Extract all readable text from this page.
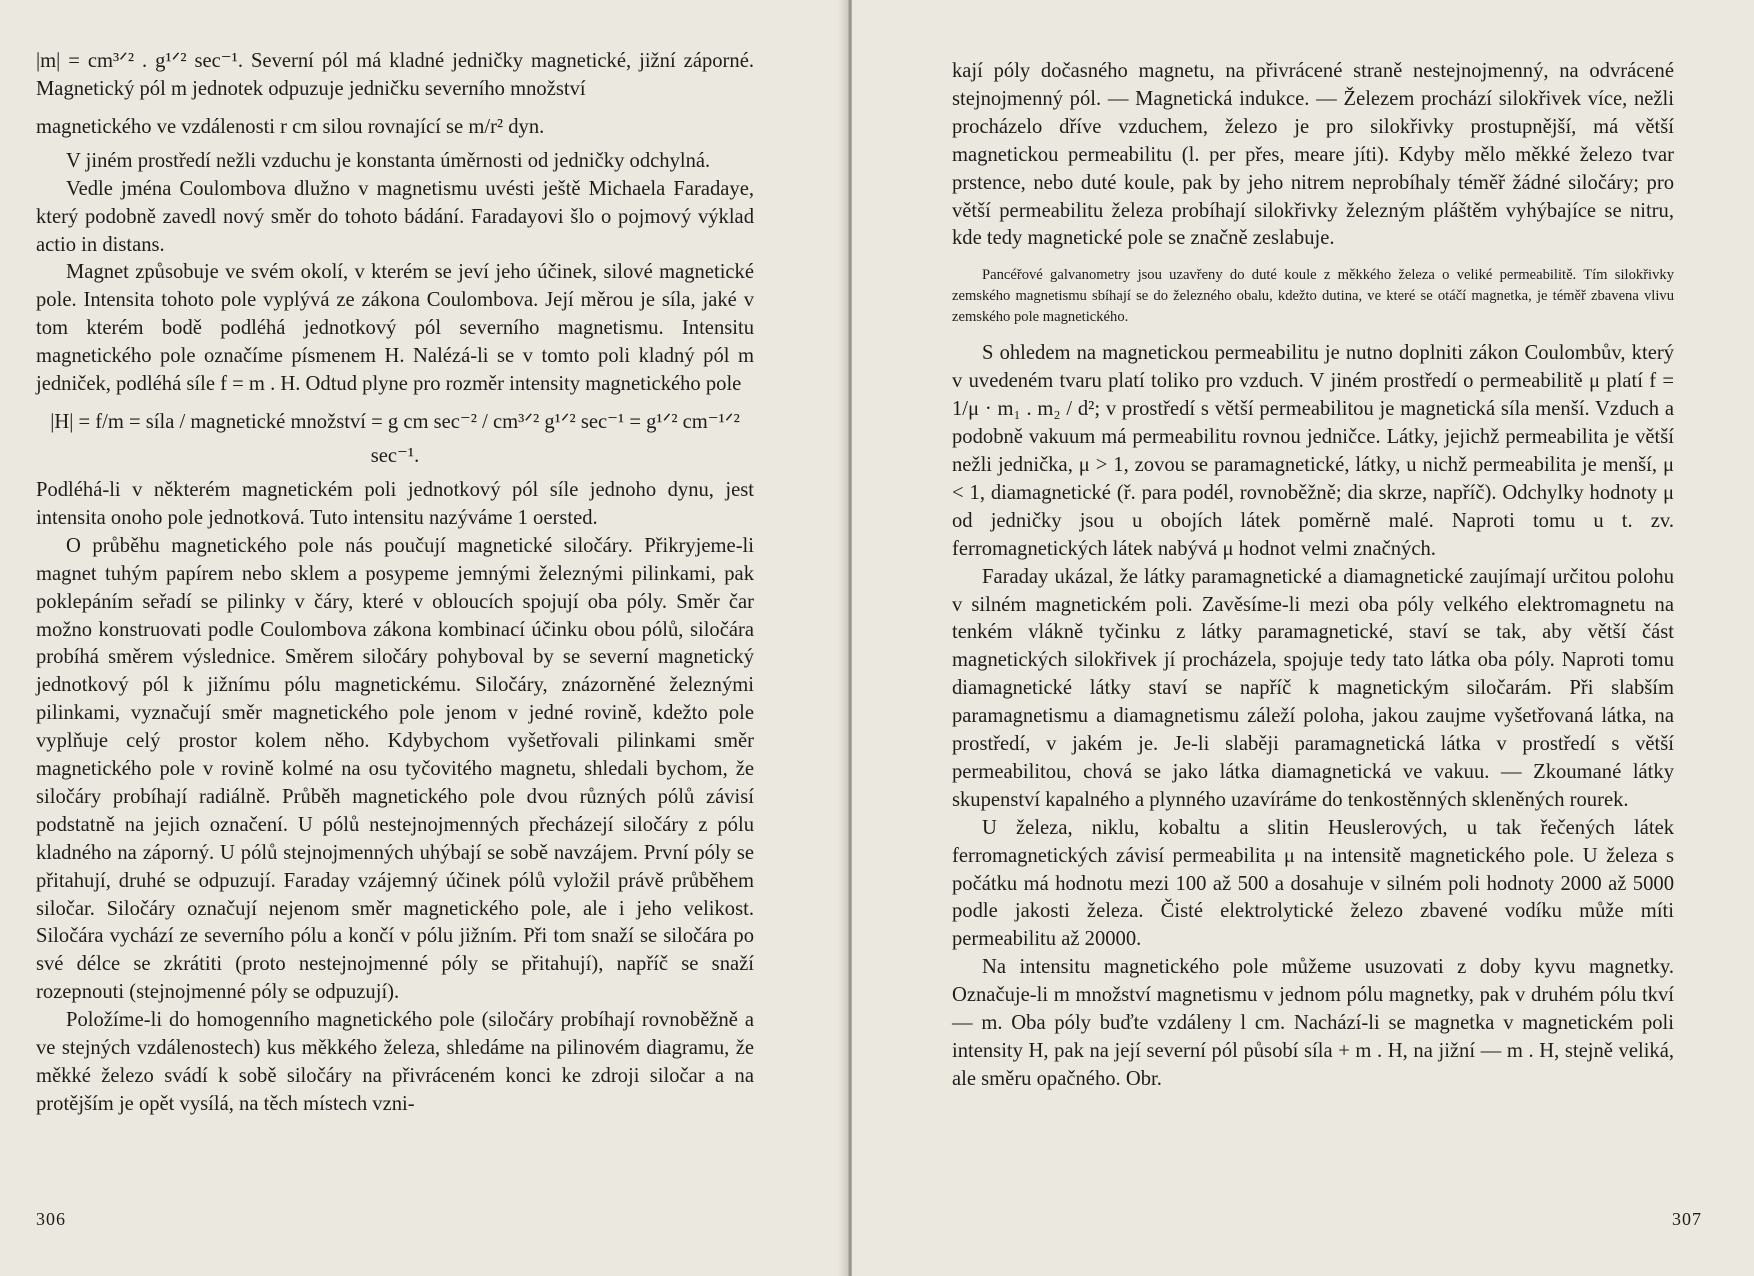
|m| = cm³ᐟ² . g¹ᐟ² sec⁻¹. Severní pól má kladné jedničky magnetické, jižní záporné. Magnetický pól m jednotek odpuzuje jedničku severního množství

magnetického ve vzdálenosti r cm silou rovnající se m/r² dyn.

V jiném prostředí nežli vzduchu je konstanta úměrnosti od jedničky odchylná.

Vedle jména Coulombova dlužno v magnetismu uvésti ještě Michaela Faradaye, který podobně zavedl nový směr do tohoto bádání. Faradayovi šlo o pojmový výklad actio in distans.

Magnet způsobuje ve svém okolí, v kterém se jeví jeho účinek, silové magnetické pole. Intensita tohoto pole vyplývá ze zákona Coulombova. Její měrou je síla, jaké v tom kterém bodě podléhá jednotkový pól severního magnetismu. Intensitu magnetického pole označíme písmenem H. Nalézá-li se v tomto poli kladný pól m jedniček, podléhá síle f = m . H. Odtud plyne pro rozměr intensity magnetického pole

|H| = f/m = síla / magnetické množství = g cm sec⁻² / cm³ᐟ² g¹ᐟ² sec⁻¹ = g¹ᐟ² cm⁻¹ᐟ² sec⁻¹.

Podléhá-li v některém magnetickém poli jednotkový pól síle jednoho dynu, jest intensita onoho pole jednotková. Tuto intensitu nazýváme 1 oersted.

O průběhu magnetického pole nás poučují magnetické siločáry. Přikryjeme-li magnet tuhým papírem nebo sklem a posypeme jemnými železnými pilinkami, pak poklepáním seřadí se pilinky v čáry, které v obloucích spojují oba póly. Směr čar možno konstruovati podle Coulombova zákona kombinací účinku obou pólů, siločára probíhá směrem výslednice. Směrem siločáry pohyboval by se severní magnetický jednotkový pól k jižnímu pólu magnetickému. Siločáry, znázorněné železnými pilinkami, vyznačují směr magnetického pole jenom v jedné rovině, kdežto pole vyplňuje celý prostor kolem něho. Kdybychom vyšetřovali pilinkami směr magnetického pole v rovině kolmé na osu tyčovitého magnetu, shledali bychom, že siločáry probíhají radiálně. Průběh magnetického pole dvou různých pólů závisí podstatně na jejich označení. U pólů nestejnojmenných přecházejí siločáry z pólu kladného na záporný. U pólů stejnojmenných uhýbají se sobě navzájem. První póly se přitahují, druhé se odpuzují. Faraday vzájemný účinek pólů vyložil právě průběhem siločar. Siločáry označují nejenom směr magnetického pole, ale i jeho velikost. Siločára vychází ze severního pólu a končí v pólu jižním. Při tom snaží se siločára po své délce se zkrátiti (proto nestejnojmenné póly se přitahují), napříč se snaží rozepnouti (stejnojmenné póly se odpuzují).

Položíme-li do homogenního magnetického pole (siločáry probíhají rovnoběžně a ve stejných vzdálenostech) kus měkkého železa, shledáme na pilinovém diagramu, že měkké železo svádí k sobě siločáry na přivráceném konci ke zdroji siločar a na protějším je opět vysílá, na těch místech vzni-

306

kají póly dočasného magnetu, na přivrácené straně nestejnojmenný, na odvrácené stejnojmenný pól. — Magnetická indukce. — Železem prochází silokřivek více, nežli procházelo dříve vzduchem, železo je pro silokřivky prostupnější, má větší magnetickou permeabilitu (l. per přes, meare jíti). Kdyby mělo měkké železo tvar prstence, nebo duté koule, pak by jeho nitrem neprobíhaly téměř žádné siločáry; pro větší permeabilitu železa probíhají silokřivky železným pláštěm vyhýbajíce se nitru, kde tedy magnetické pole se značně zeslabuje.

Pancéřové galvanometry jsou uzavřeny do duté koule z měkkého železa o veliké permeabilitě. Tím silokřivky zemského magnetismu sbíhají se do železného obalu, kdežto dutina, ve které se otáčí magnetka, je téměř zbavena vlivu zemského pole magnetického.

S ohledem na magnetickou permeabilitu je nutno doplniti zákon Coulombův, který v uvedeném tvaru platí toliko pro vzduch. V jiném prostředí o permeabilitě μ platí f = 1/μ · m₁ . m₂ / d²; v prostředí s větší permeabilitou je magnetická síla menší. Vzduch a podobně vakuum má permeabilitu rovnou jedničce. Látky, jejichž permeabilita je větší nežli jednička, μ > 1, zovou se paramagnetické, látky, u nichž permeabilita je menší, μ < 1, diamagnetické (ř. para podél, rovnoběžně; dia skrze, napříč). Odchylky hodnoty μ od jedničky jsou u obojích látek poměrně malé. Naproti tomu u t. zv. ferromagnetických látek nabývá μ hodnot velmi značných.

Faraday ukázal, že látky paramagnetické a diamagnetické zaujímají určitou polohu v silném magnetickém poli. Zavěsíme-li mezi oba póly velkého elektromagnetu na tenkém vlákně tyčinku z látky paramagnetické, staví se tak, aby větší část magnetických silokřivek jí procházela, spojuje tedy tato látka oba póly. Naproti tomu diamagnetické látky staví se napříč k magnetickým siločarám. Při slabším paramagnetismu a diamagnetismu záleží poloha, jakou zaujme vyšetřovaná látka, na prostředí, v jakém je. Je-li slaběji paramagnetická látka v prostředí s větší permeabilitou, chová se jako látka diamagnetická ve vakuu. — Zkoumané látky skupenství kapalného a plynného uzavíráme do tenkostěnných skleněných rourek.

U železa, niklu, kobaltu a slitin Heuslerových, u tak řečených látek ferromagnetických závisí permeabilita μ na intensitě magnetického pole. U železa s počátku má hodnotu mezi 100 až 500 a dosahuje v silném poli hodnoty 2000 až 5000 podle jakosti železa. Čisté elektrolytické železo zbavené vodíku může míti permeabilitu až 20000.

Na intensitu magnetického pole můžeme usuzovati z doby kyvu magnetky. Označuje-li m množství magnetismu v jednom pólu magnetky, pak v druhém pólu tkví — m. Oba póly buďte vzdáleny l cm. Nachází-li se magnetka v magnetickém poli intensity H, pak na její severní pól působí síla + m . H, na jižní — m . H, stejně veliká, ale směru opačného. Obr.

307
